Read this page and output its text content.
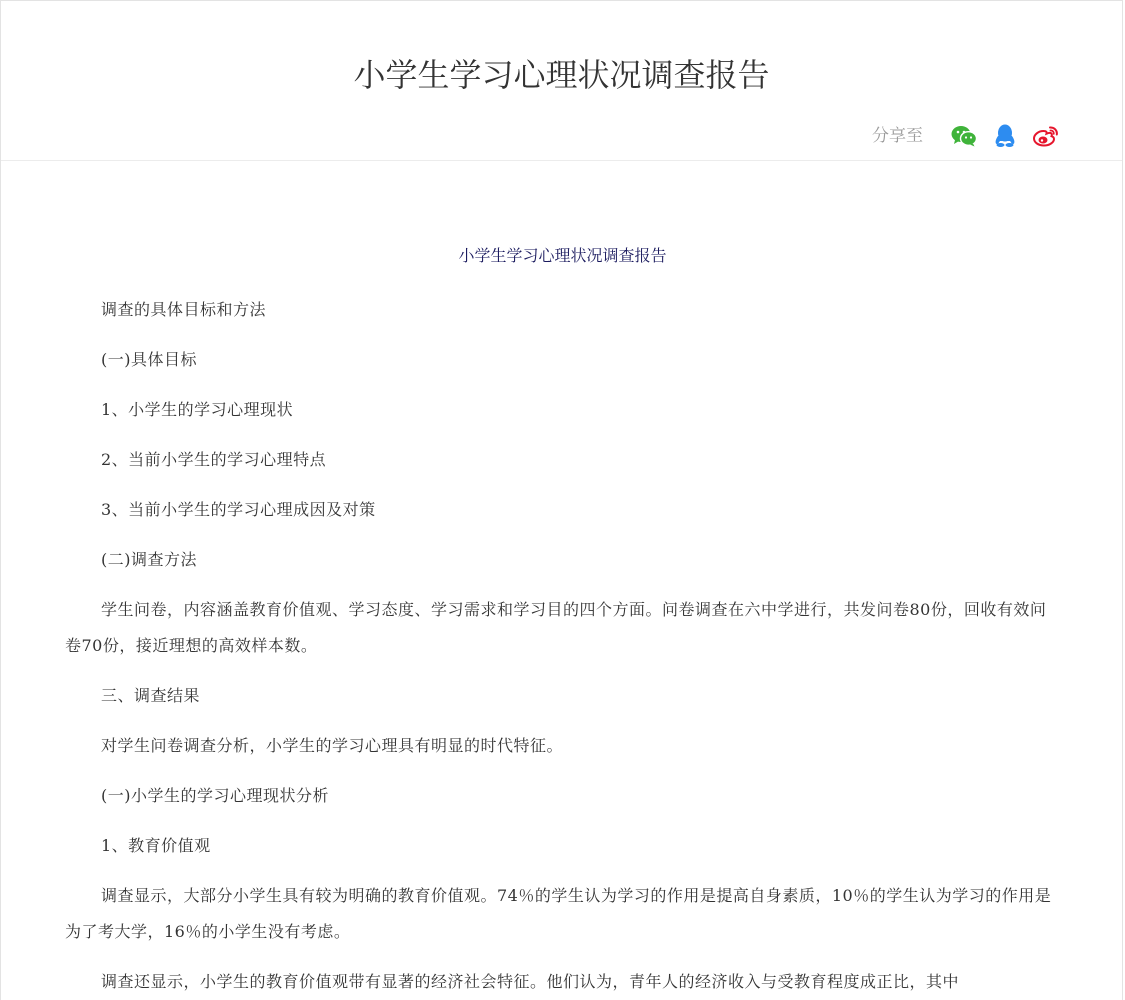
小学生学习心理状况调查报告
分享至
小学生学习心理状况调查报告

调查的具体目标和方法

(一)具体目标

1、小学生的学习心理现状

2、当前小学生的学习心理特点

3、当前小学生的学习心理成因及对策

(二)调查方法

学生问卷，内容涵盖教育价值观、学习态度、学习需求和学习目的四个方面。问卷调查在六中学进行，共发问卷80份，回收有效问卷70份，接近理想的高效样本数。

三、调查结果

对学生问卷调查分析，小学生的学习心理具有明显的时代特征。

(一)小学生的学习心理现状分析

1、教育价值观

调查显示，大部分小学生具有较为明确的教育价值观。74％的学生认为学习的作用是提高自身素质，10％的学生认为学习的作用是为了考大学，16％的小学生没有考虑。

调查还显示，小学生的教育价值观带有显著的经济社会特征。他们认为，青年人的经济收入与受教育程度成正比，其中
